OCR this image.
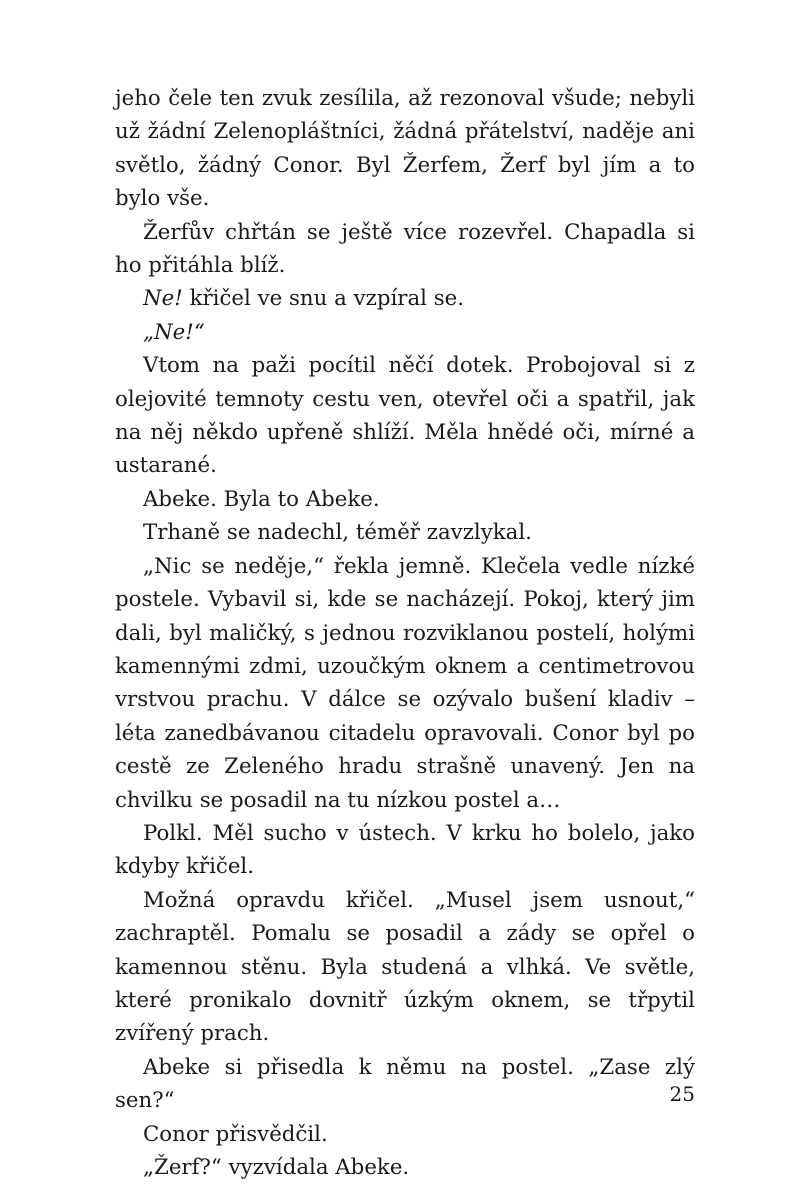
jeho čele ten zvuk zesílila, až rezonoval všude; nebyli už žádní Zelenopláštníci, žádná přátelství, naděje ani světlo, žádný Conor. Byl Žerfem, Žerf byl jím a to bylo vše.

Žerfův chřtán se ještě více rozevřel. Chapadla si ho přitáhla blíž.

Ne! křičel ve snu a vzpíral se.

„Ne!“

Vtom na paži pocítil něčí dotek. Probojoval si z olejovité temnoty cestu ven, otevřel oči a spatřil, jak na něj někdo upřeně shlíží. Měla hnědé oči, mírné a ustarané.

Abeke. Byla to Abeke.

Trhaně se nadechl, téměř zavzlykal.

„Nic se neděje,“ řekla jemně. Klečela vedle nízké postele. Vybavil si, kde se nacházejí. Pokoj, který jim dali, byl maličký, s jednou rozviklanou postelí, holými kamennými zdmi, uzoučkým oknem a centimetrovou vrstvou prachu. V dálce se ozývalo bušení kladiv – léta zanedbávanou citadelu opravovali. Conor byl po cestě ze Zeleného hradu strašně unavený. Jen na chvilku se posadil na tu nízkou postel a…

Polkl. Měl sucho v ústech. V krku ho bolelo, jako kdyby křičel.

Možná opravdu křičel. „Musel jsem usnout,“ zachraptěl. Pomalu se posadil a zády se opřel o kamennou stěnu. Byla studená a vlhká. Ve světle, které pronikalo dovnitř úzkým oknem, se třpytil zvířený prach.

Abeke si přisedla k němu na postel. „Zase zlý sen?“

Conor přisvědčil.

„Žerf?“ vyzvídala Abeke.

25
